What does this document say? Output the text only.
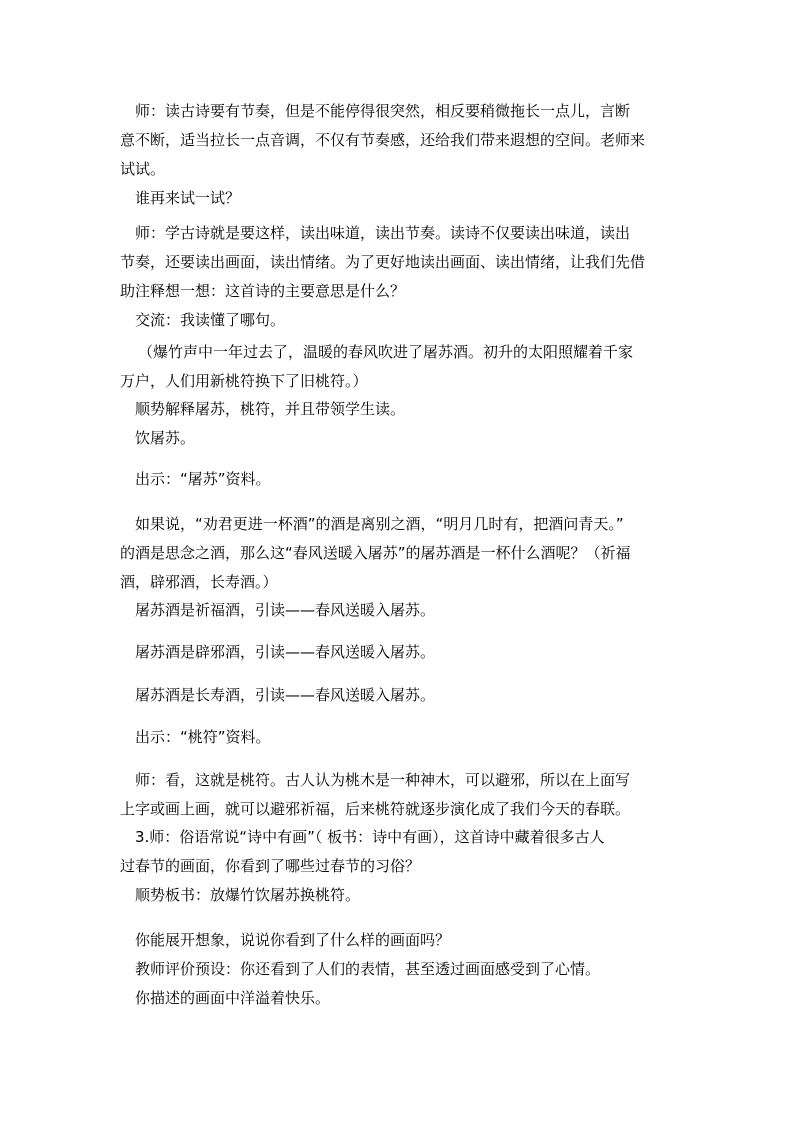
　师：读古诗要有节奏，但是不能停得很突然，相反要稍微拖长一点儿，言断
意不断，适当拉长一点音调，不仅有节奏感，还给我们带来遐想的空间。老师来
试试。
　谁再来试一试？
　师：学古诗就是要这样，读出味道，读出节奏。读诗不仅要读出味道，读出
节奏，还要读出画面，读出情绪。为了更好地读出画面、读出情绪，让我们先借
助注释想一想：这首诗的主要意思是什么？
　交流：我读懂了哪句。
（爆竹声中一年过去了，温暖的春风吹进了屠苏酒。初升的太阳照耀着千家
万户，人们用新桃符换下了旧桃符。）
　顺势解释屠苏，桃符，并且带领学生读。
　饮屠苏。
　出示：“屠苏”资料。
　如果说，“劝君更进一杯酒”的酒是离别之酒，“明月几时有，把酒问青天。”
的酒是思念之酒，那么这“春风送暖入屠苏”的屠苏酒是一杯什么酒呢？（祈福
酒，辟邪酒，长寿酒。）
　屠苏酒是祈福酒，引读——春风送暖入屠苏。
　屠苏酒是辟邪酒，引读——春风送暖入屠苏。
　屠苏酒是长寿酒，引读——春风送暖入屠苏。
　出示：“桃符”资料。
　师：看，这就是桃符。古人认为桃木是一种神木，可以避邪，所以在上面写
上字或画上画，就可以避邪祈福，后来桃符就逐步演化成了我们今天的春联。
　3.师：俗语常说“诗中有画”（ 板书：诗中有画），这首诗中藏着很多古人
过春节的画面，你看到了哪些过春节的习俗？
　顺势板书：放爆竹饮屠苏换桃符。
　你能展开想象，说说你看到了什么样的画面吗？
　教师评价预设：你还看到了人们的表情，甚至透过画面感受到了心情。
　你描述的画面中洋溢着快乐。
